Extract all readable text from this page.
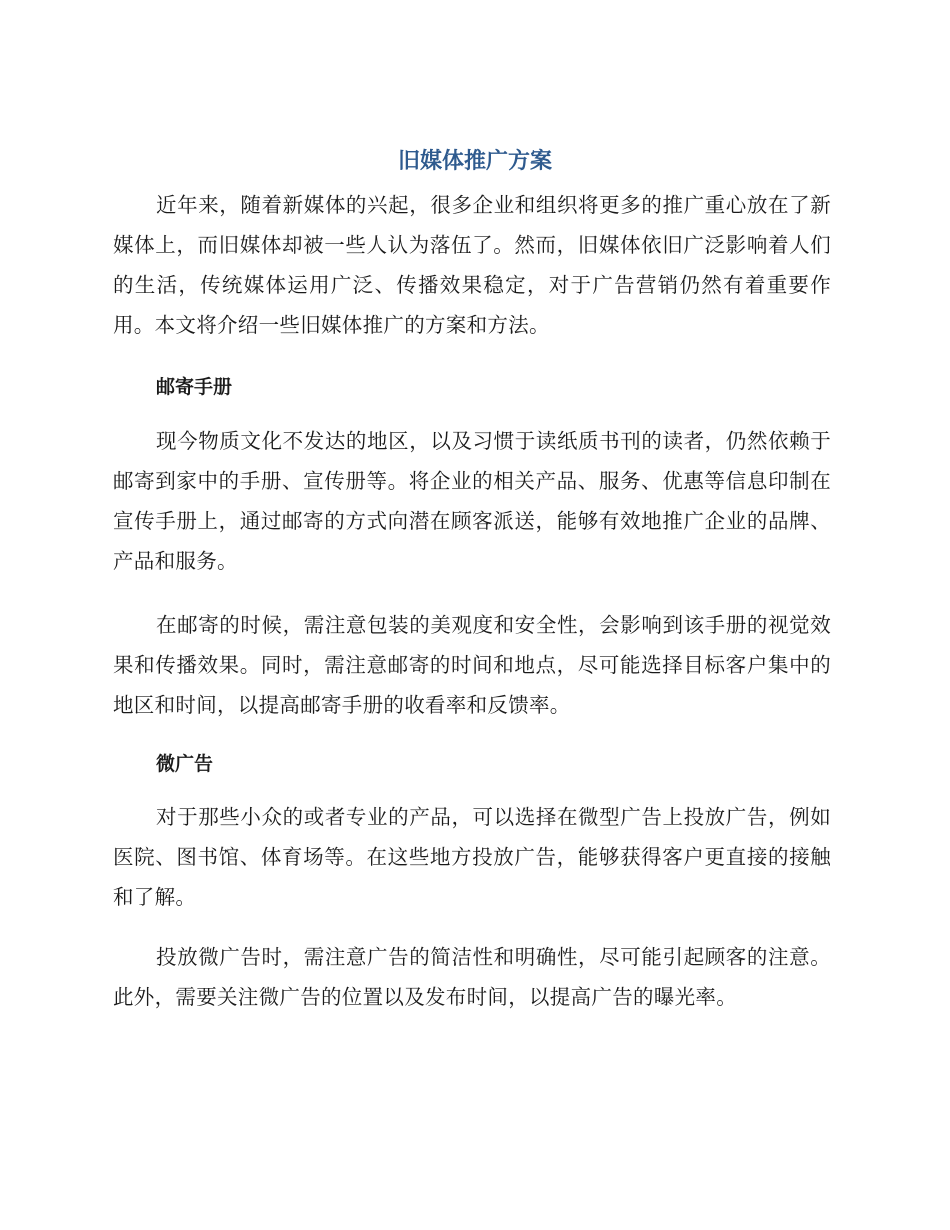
旧媒体推广方案

近年来，随着新媒体的兴起，很多企业和组织将更多的推广重心放在了新媒体上，而旧媒体却被一些人认为落伍了。然而，旧媒体依旧广泛影响着人们的生活，传统媒体运用广泛、传播效果稳定，对于广告营销仍然有着重要作用。本文将介绍一些旧媒体推广的方案和方法。

邮寄手册

现今物质文化不发达的地区，以及习惯于读纸质书刊的读者，仍然依赖于邮寄到家中的手册、宣传册等。将企业的相关产品、服务、优惠等信息印制在宣传手册上，通过邮寄的方式向潜在顾客派送，能够有效地推广企业的品牌、产品和服务。

在邮寄的时候，需注意包装的美观度和安全性，会影响到该手册的视觉效果和传播效果。同时，需注意邮寄的时间和地点，尽可能选择目标客户集中的地区和时间，以提高邮寄手册的收看率和反馈率。

微广告

对于那些小众的或者专业的产品，可以选择在微型广告上投放广告，例如医院、图书馆、体育场等。在这些地方投放广告，能够获得客户更直接的接触和了解。

投放微广告时，需注意广告的简洁性和明确性，尽可能引起顾客的注意。此外，需要关注微广告的位置以及发布时间，以提高广告的曝光率。
